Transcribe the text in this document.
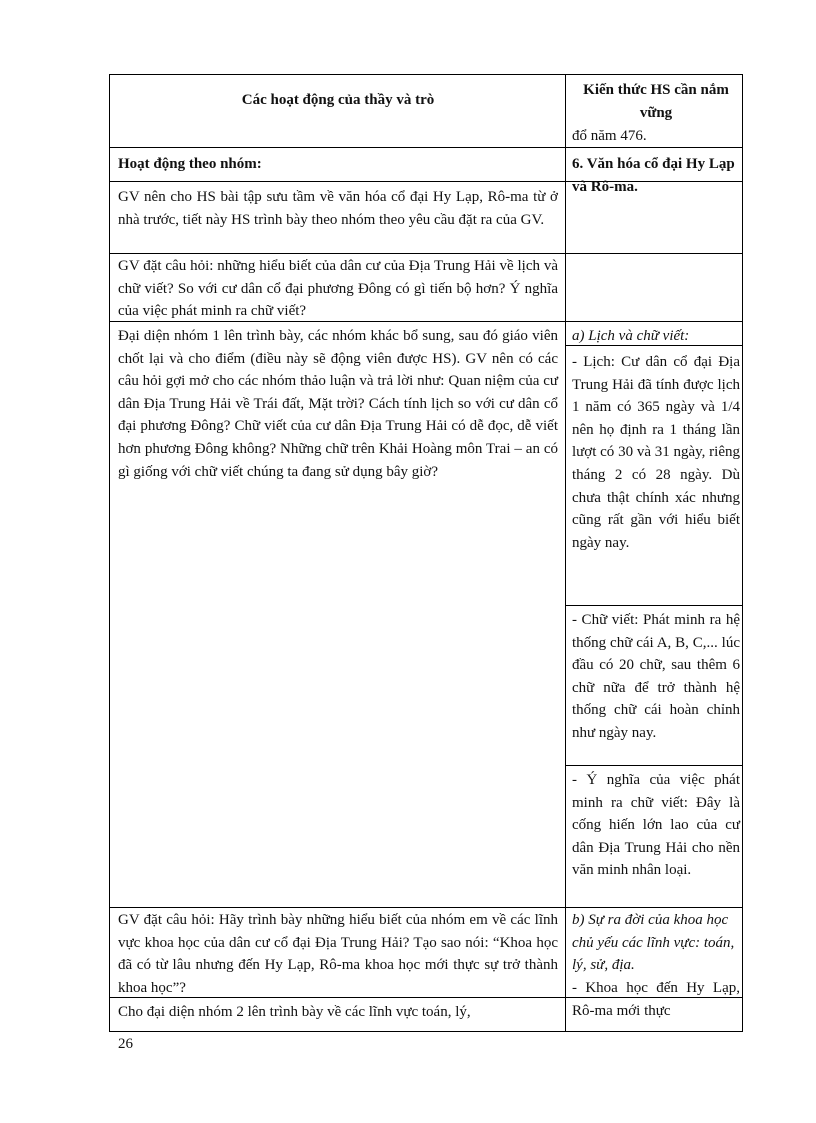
Các hoạt động của thầy và trò
Kiến thức HS cần nắm vững
đổ năm 476.
Hoạt động theo nhóm:	6. Văn hóa cổ đại Hy Lạp và Rô-ma.
GV nên cho HS bài tập sưu tầm về văn hóa cổ đại Hy Lạp, Rô-ma từ ở nhà trước, tiết này HS trình bày theo nhóm theo yêu cầu đặt ra của GV.
GV đặt câu hỏi: những hiểu biết của dân cư của Địa Trung Hải về lịch và chữ viết? So với cư dân cổ đại phương Đông có gì tiến bộ hơn? Ý nghĩa của việc phát minh ra chữ viết?
Đại diện nhóm 1 lên trình bày, các nhóm khác bổ sung, sau đó giáo viên chốt lại và cho điểm (điều này sẽ động viên được HS). GV nên có các câu hỏi gợi mở cho các nhóm thảo luận và trả lời như: Quan niệm của cư dân Địa Trung Hải về Trái đất, Mặt trời? Cách tính lịch so với cư dân cổ đại phương Đông? Chữ viết của cư dân Địa Trung Hải có dễ đọc, dễ viết hơn phương Đông không? Những chữ trên Khải Hoàng môn Trai – an có gì giống với chữ viết chúng ta đang sử dụng bây giờ?
a) Lịch và chữ viết:
- Lịch: Cư dân cổ đại Địa Trung Hải đã tính được lịch 1 năm có 365 ngày và 1/4 nên họ định ra 1 tháng lần lượt có 30 và 31 ngày, riêng tháng 2 có 28 ngày. Dù chưa thật chính xác nhưng cũng rất gần với hiểu biết ngày nay.
- Chữ viết: Phát minh ra hệ thống chữ cái A, B, C,... lúc đầu có 20 chữ, sau thêm 6 chữ nữa để trở thành hệ thống chữ cái hoàn chỉnh như ngày nay.
- Ý nghĩa của việc phát minh ra chữ viết: Đây là cống hiến lớn lao của cư dân Địa Trung Hải cho nền văn minh nhân loại.
GV đặt câu hỏi: Hãy trình bày những hiểu biết của nhóm em về các lĩnh vực khoa học của dân cư cổ đại Địa Trung Hải? Tạo sao nói: “Khoa học đã có từ lâu nhưng đến Hy Lạp, Rô-ma khoa học mới thực sự trở thành khoa học”?
b) Sự ra đời của khoa học chủ yếu các lĩnh vực: toán, lý, sử, địa.
- Khoa học đến Hy Lạp, Rô-ma mới thực
Cho đại diện nhóm 2 lên trình bày về các lĩnh vực toán, lý,
26
